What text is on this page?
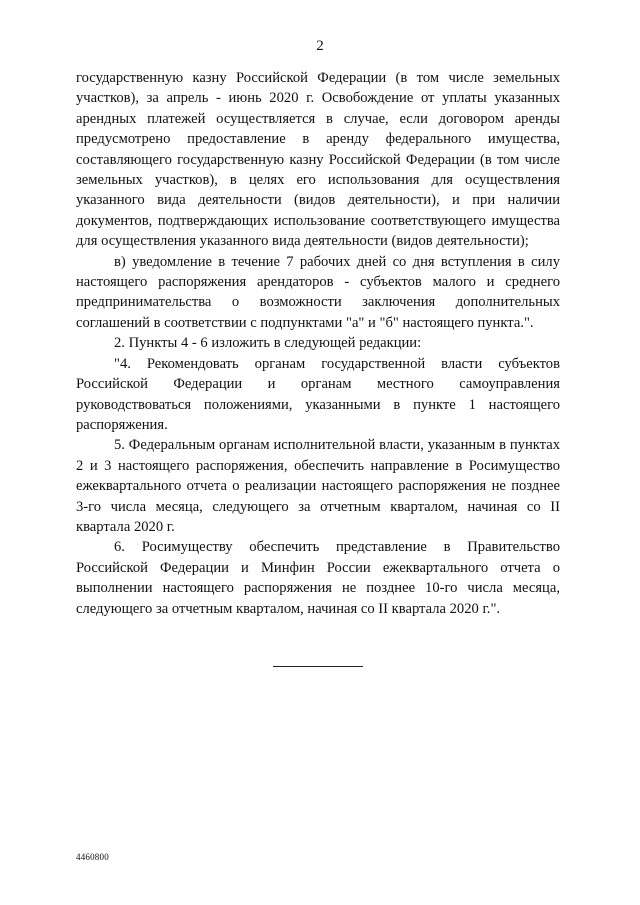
2

государственную казну Российской Федерации (в том числе земельных участков), за апрель - июнь 2020 г. Освобождение от уплаты указанных арендных платежей осуществляется в случае, если договором аренды предусмотрено предоставление в аренду федерального имущества, составляющего государственную казну Российской Федерации (в том числе земельных участков), в целях его использования для осуществления указанного вида деятельности (видов деятельности), и при наличии документов, подтверждающих использование соответствующего имущества для осуществления указанного вида деятельности (видов деятельности);

в) уведомление в течение 7 рабочих дней со дня вступления в силу настоящего распоряжения арендаторов - субъектов малого и среднего предпринимательства о возможности заключения дополнительных соглашений в соответствии с подпунктами "а" и "б" настоящего пункта.".

2. Пункты 4 - 6 изложить в следующей редакции:

"4. Рекомендовать органам государственной власти субъектов Российской Федерации и органам местного самоуправления руководствоваться положениями, указанными в пункте 1 настоящего распоряжения.

5. Федеральным органам исполнительной власти, указанным в пунктах 2 и 3 настоящего распоряжения, обеспечить направление в Росимущество ежеквартального отчета о реализации настоящего распоряжения не позднее 3-го числа месяца, следующего за отчетным кварталом, начиная со II квартала 2020 г.

6. Росимуществу обеспечить представление в Правительство Российской Федерации и Минфин России ежеквартального отчета о выполнении настоящего распоряжения не позднее 10-го числа месяца, следующего за отчетным кварталом, начиная со II квартала 2020 г.".

4460800
